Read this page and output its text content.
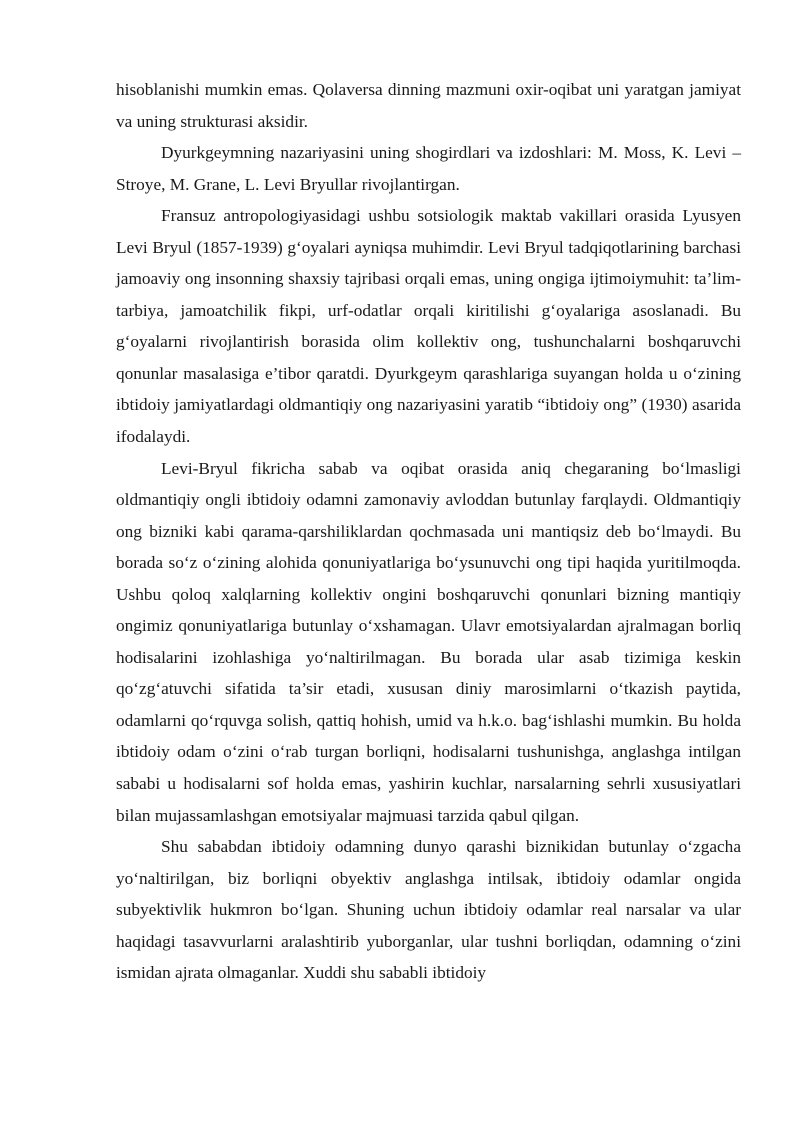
hisoblanishi mumkin emas. Qolaversa dinning mazmuni oxir-oqibat uni yaratgan jamiyat va uning strukturasi aksidir.

Dyurkgeymning nazariyasini uning shogirdlari va izdoshlari: M. Moss, K. Levi – Stroye, M. Grane, L. Levi Bryullar rivojlantirgan.

Fransuz antropologiyasidagi ushbu sotsiologik maktab vakillari orasida Lyusyen Levi Bryul (1857-1939) g‘oyalari ayniqsa muhimdir. Levi Bryul tadqiqotlarining barchasi jamoaviy ong insonning shaxsiy tajribasi orqali emas, uning ongiga ijtimoiymuhit: ta’lim-tarbiya, jamoatchilik fikpi, urf-odatlar orqali kiritilishi g‘oyalariga asoslanadi. Bu g‘oyalarni rivojlantirish borasida olim kollektiv ong, tushunchalarni boshqaruvchi qonunlar masalasiga e’tibor qaratdi. Dyurkgeym qarashlariga suyangan holda u o‘zining ibtidoiy jamiyatlardagi oldmantiqiy ong nazariyasini yaratib “ibtidoiy ong” (1930) asarida ifodalaydi.

Levi-Bryul fikricha sabab va oqibat orasida aniq chegaraning bo‘lmasligi oldmantiqiy ongli ibtidoiy odamni zamonaviy avloddan butunlay farqlaydi. Oldmantiqiy ong bizniki kabi qarama-qarshiliklardan qochmasada uni mantiqsiz deb bo‘lmaydi. Bu borada so‘z o‘zining alohida qonuniyatlariga bo‘ysunuvchi ong tipi haqida yuritilmoqda. Ushbu qoloq xalqlarning kollektiv ongini boshqaruvchi qonunlari bizning mantiqiy ongimiz qonuniyatlariga butunlay o‘xshamagan. Ulavr emotsiyalardan ajralmagan borliq hodisalarini izohlashiga yo‘naltirilmagan. Bu borada ular asab tizimiga keskin qo‘zg‘atuvchi sifatida ta’sir etadi, xususan diniy marosimlarni o‘tkazish paytida, odamlarni qo‘rquvga solish, qattiq hohish, umid va h.k.o. bag‘ishlashi mumkin. Bu holda ibtidoiy odam o‘zini o‘rab turgan borliqni, hodisalarni tushunishga, anglashga intilgan sababi u hodisalarni sof holda emas, yashirin kuchlar, narsalarning sehrli xususiyatlari bilan mujassamlashgan emotsiyalar majmuasi tarzida qabul qilgan.

Shu sababdan ibtidoiy odamning dunyo qarashi biznikidan butunlay o‘zgacha yo‘naltirilgan, biz borliqni obyektiv anglashga intilsak, ibtidoiy odamlar ongida subyektivlik hukmron bo‘lgan. Shuning uchun ibtidoiy odamlar real narsalar va ular haqidagi tasavvurlarni aralashtirib yuborganlar, ular tushni borliqdan, odamning o‘zini ismidan ajrata olmaganlar. Xuddi shu sababli ibtidoiy
